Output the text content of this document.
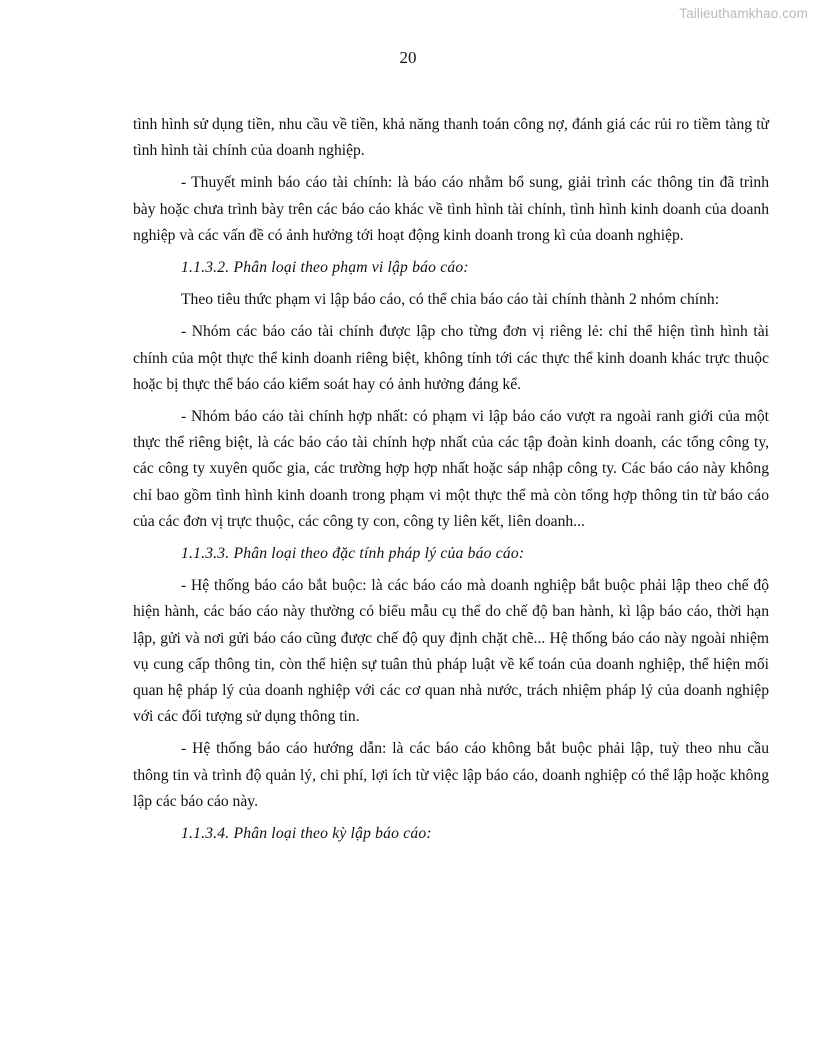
Tailieuthamkhao.com
20

tình hình sử dụng tiền, nhu cầu về tiền, khả năng thanh toán công nợ, đánh giá các rủi ro tiềm tàng từ tình hình tài chính của doanh nghiệp.

- Thuyết minh báo cáo tài chính: là báo cáo nhằm bổ sung, giải trình các thông tin đã trình bày hoặc chưa trình bày trên các báo cáo khác về tình hình tài chính, tình hình kinh doanh của doanh nghiệp và các vấn đề có ảnh hưởng tới hoạt động kinh doanh trong kì của doanh nghiệp.

1.1.3.2. Phân loại theo phạm vi lập báo cáo:

Theo tiêu thức phạm vi lập báo cáo, có thể chia báo cáo tài chính thành 2 nhóm chính:

- Nhóm các báo cáo tài chính được lập cho từng đơn vị riêng lẻ: chỉ thể hiện tình hình tài chính của một thực thể kinh doanh riêng biệt, không tính tới các thực thể kinh doanh khác trực thuộc hoặc bị thực thể báo cáo kiểm soát hay có ảnh hưởng đáng kể.

- Nhóm báo cáo tài chính hợp nhất: có phạm vi lập báo cáo vượt ra ngoài ranh giới của một thực thể riêng biệt, là các báo cáo tài chính hợp nhất của các tập đoàn kinh doanh, các tổng công ty, các công ty xuyên quốc gia, các trường hợp hợp nhất hoặc sáp nhập công ty. Các báo cáo này không chỉ bao gồm tình hình kinh doanh trong phạm vi một thực thể mà còn tổng hợp thông tin từ báo cáo của các đơn vị trực thuộc, các công ty con, công ty liên kết, liên doanh...

1.1.3.3. Phân loại theo đặc tính pháp lý của báo cáo:

- Hệ thống báo cáo bắt buộc: là các báo cáo mà doanh nghiệp bắt buộc phải lập theo chế độ hiện hành, các báo cáo này thường có biểu mẫu cụ thể do chế độ ban hành, kì lập báo cáo, thời hạn lập, gửi và nơi gửi báo cáo cũng được chế độ quy định chặt chẽ... Hệ thống báo cáo này ngoài nhiệm vụ cung cấp thông tin, còn thể hiện sự tuân thủ pháp luật về kế toán của doanh nghiệp, thể hiện mối quan hệ pháp lý của doanh nghiệp với các cơ quan nhà nước, trách nhiệm pháp lý của doanh nghiệp với các đối tượng sử dụng thông tin.

- Hệ thống báo cáo hướng dẫn: là các báo cáo không bắt buộc phải lập, tuỳ theo nhu cầu thông tin và trình độ quản lý, chi phí, lợi ích từ việc lập báo cáo, doanh nghiệp có thể lập hoặc không lập các báo cáo này.

1.1.3.4. Phân loại theo kỳ lập báo cáo:
